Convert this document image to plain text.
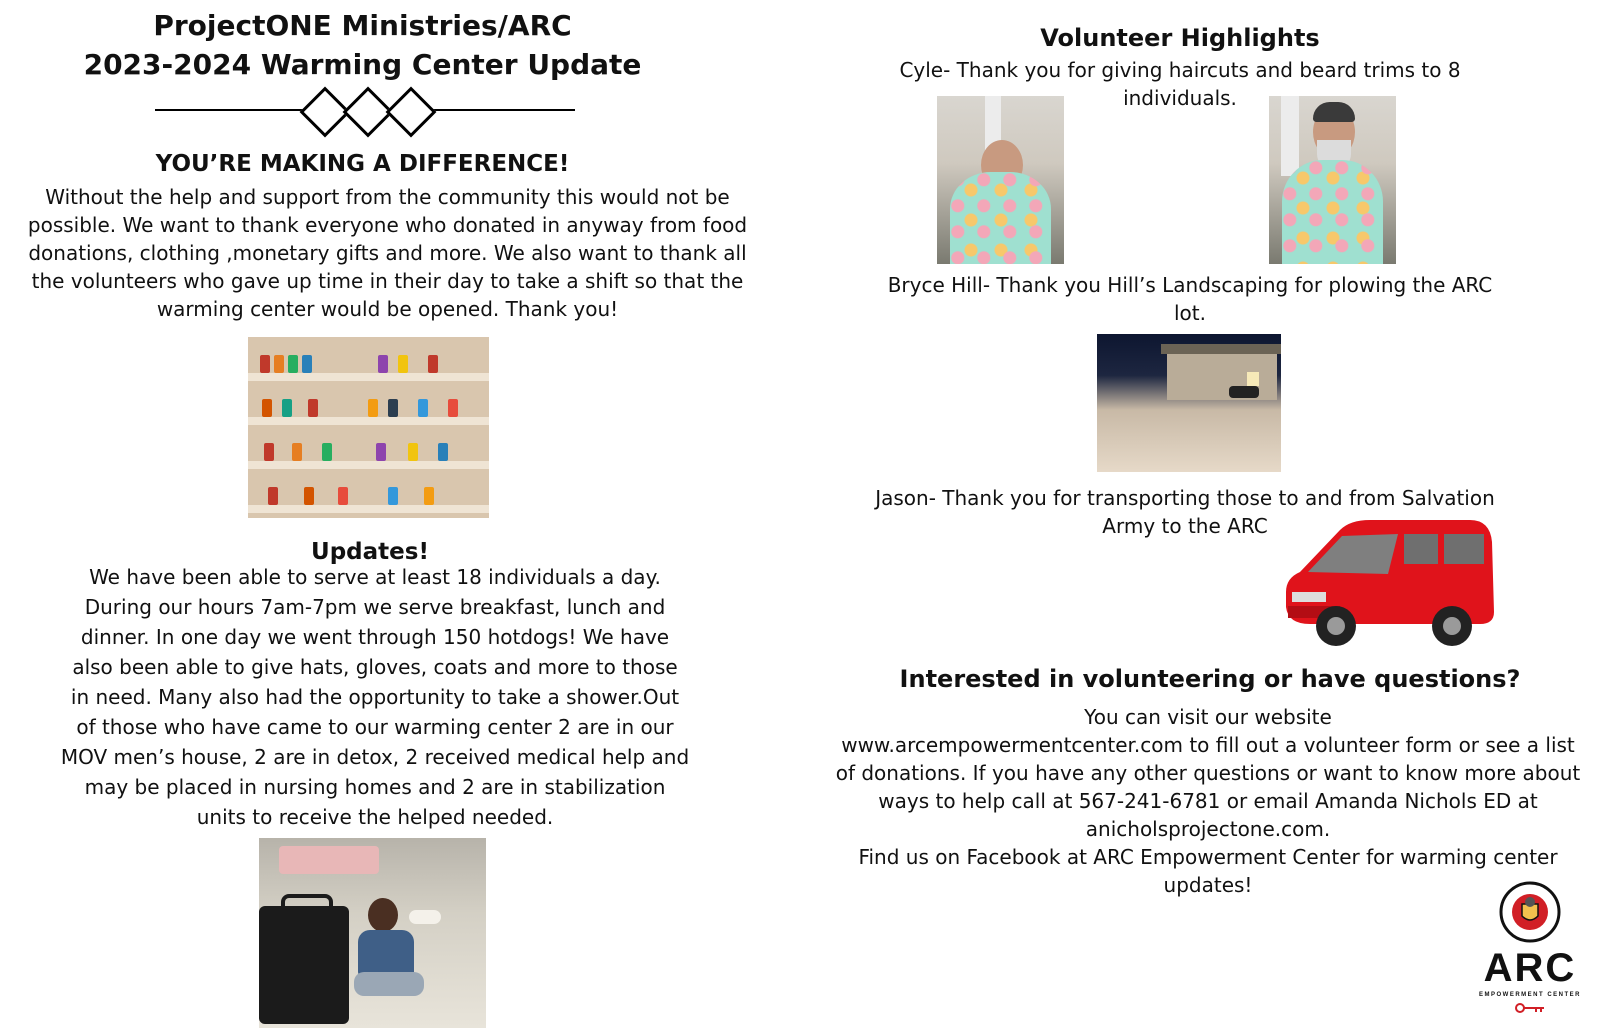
ProjectONE Ministries/ARC
2023-2024 Warming Center Update
YOU’RE MAKING A DIFFERENCE!
Without the help and support from the community this would not be
possible. We want to thank everyone who donated in anyway from food
donations, clothing ,monetary gifts and more. We also want to thank all
the volunteers who gave up time in their day to take a shift so that the
warming center would be opened. Thank you!
Updates!
We have been able to serve at least 18 individuals a day.
During our hours 7am-7pm we serve breakfast, lunch and
dinner. In one day we went through 150 hotdogs! We have
also been able to give hats, gloves, coats and more to those
in need. Many also had the opportunity to take a shower.Out
of those who have came to our warming center 2 are in our
MOV men’s house, 2 are in detox, 2 received medical help and
may be placed in nursing homes and 2 are in stabilization
units to receive the helped needed.
Volunteer Highlights
Cyle- Thank you for giving haircuts and beard trims to 8
individuals.
Bryce Hill- Thank you Hill’s Landscaping for plowing the ARC
lot.
Jason- Thank you for transporting those to and from Salvation
Army to the ARC
Interested in volunteering or have questions?
You can visit our website
www.arcempowermentcenter.com to fill out a volunteer form or see a list
of donations. If you have any other questions or want to know more about
ways to help call at 567-241-6781 or email Amanda Nichols ED at
anicholsprojectone.com.
Find us on Facebook at ARC Empowerment Center for warming center
updates!
ARC
EMPOWERMENT CENTER
